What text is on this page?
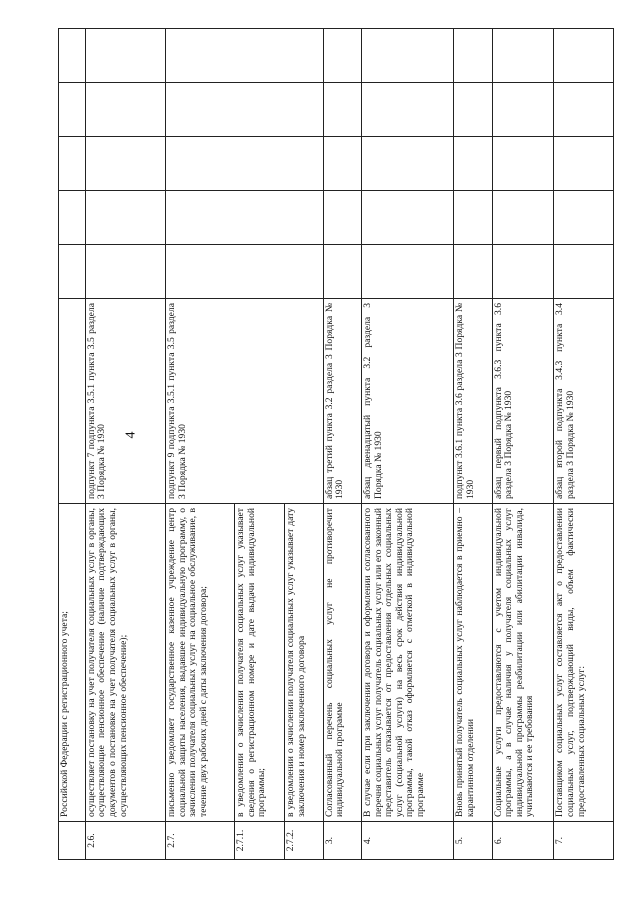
4
	Российской Федерации с регистрационного учета;						
2.6.	осуществляет постановку на учет получателя социальных услуг в органы, осуществляющие пенсионное обеспечение (наличие подтверждающих документов о постановке на учет получателя социальных услуг в органы, осуществляющих пенсионное обеспечение);	подпункт 7 подпункта 3.5.1 пункта 3.5 раздела 3 Порядка № 1930					
2.7.	письменно уведомляет государственное казенное учреждение центр социальной защиты населения, выдавшее индивидуальную программу, о зачислении получателя социальных услуг на социальное обслуживание, в течение двух рабочих дней с даты заключения договора;	подпункт 9 подпункта 3.5.1 пункта 3.5 раздела 3 Порядка № 1930					
2.7.1.	в уведомлении о зачислении получателя социальных услуг указывает сведения о регистрационном номере и дате выдачи индивидуальной программы;						
2.7.2.	в уведомлении о зачислении получателя социальных услуг указывает дату заключения и номер заключенного договора						
3.	Согласованный перечень социальных услуг не противоречит индивидуальной программе	абзац третий пункта 3.2 раздела 3 Порядка № 1930					
4.	В случае если при заключении договора и оформлении согласованного перечня социальных услуг получатель социальных услуг или его законный представитель отказывается от предоставления отдельных социальных услуг (социальной услуги) на весь срок действия индивидуальной программы, такой отказ оформляется с отметкой в индивидуальной программе	абзац двенадцатый пункта 3.2 раздела 3 Порядка № 1930					
5.	Вновь принятый получатель социальных услуг наблюдается в приемно – карантинном отделении	подпункт 3.6.1 пункта 3.6 раздела 3 Порядка № 1930					
6.	Социальные услуги предоставляются с учетом индивидуальной программы, а в случае наличия у получателя социальных услуг индивидуальной программы реабилитации или абилитации инвалида, учитываются и ее требования	абзац первый подпункта 3.6.3 пункта 3.6 раздела 3 Порядка № 1930					
7.	Поставщиком социальных услуг составляется акт о предоставлении социальных услуг, подтверждающий виды, объем фактически предоставленных социальных услуг:	абзац второй подпункта 3.4.3 пункта 3.4 раздела 3 Порядка № 1930					
